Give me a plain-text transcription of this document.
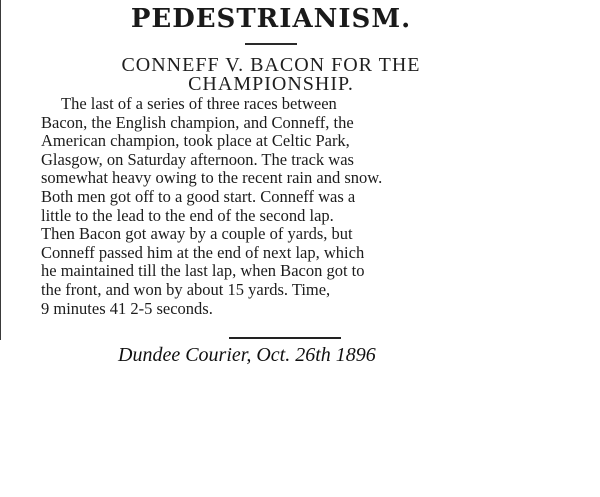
PEDESTRIANISM.
CONNEFF V. BACON FOR THE
CHAMPIONSHIP.
The last of a series of three races between
Bacon, the English champion, and Conneff, the
American champion, took place at Celtic Park,
Glasgow, on Saturday afternoon. The track was
somewhat heavy owing to the recent rain and snow.
Both men got off to a good start. Conneff was a
little to the lead to the end of the second lap.
Then Bacon got away by a couple of yards, but
Conneff passed him at the end of next lap, which
he maintained till the last lap, when Bacon got to
the front, and won by about 15 yards. Time,
9 minutes 41 2-5 seconds.
Dundee Courier, Oct. 26th 1896
